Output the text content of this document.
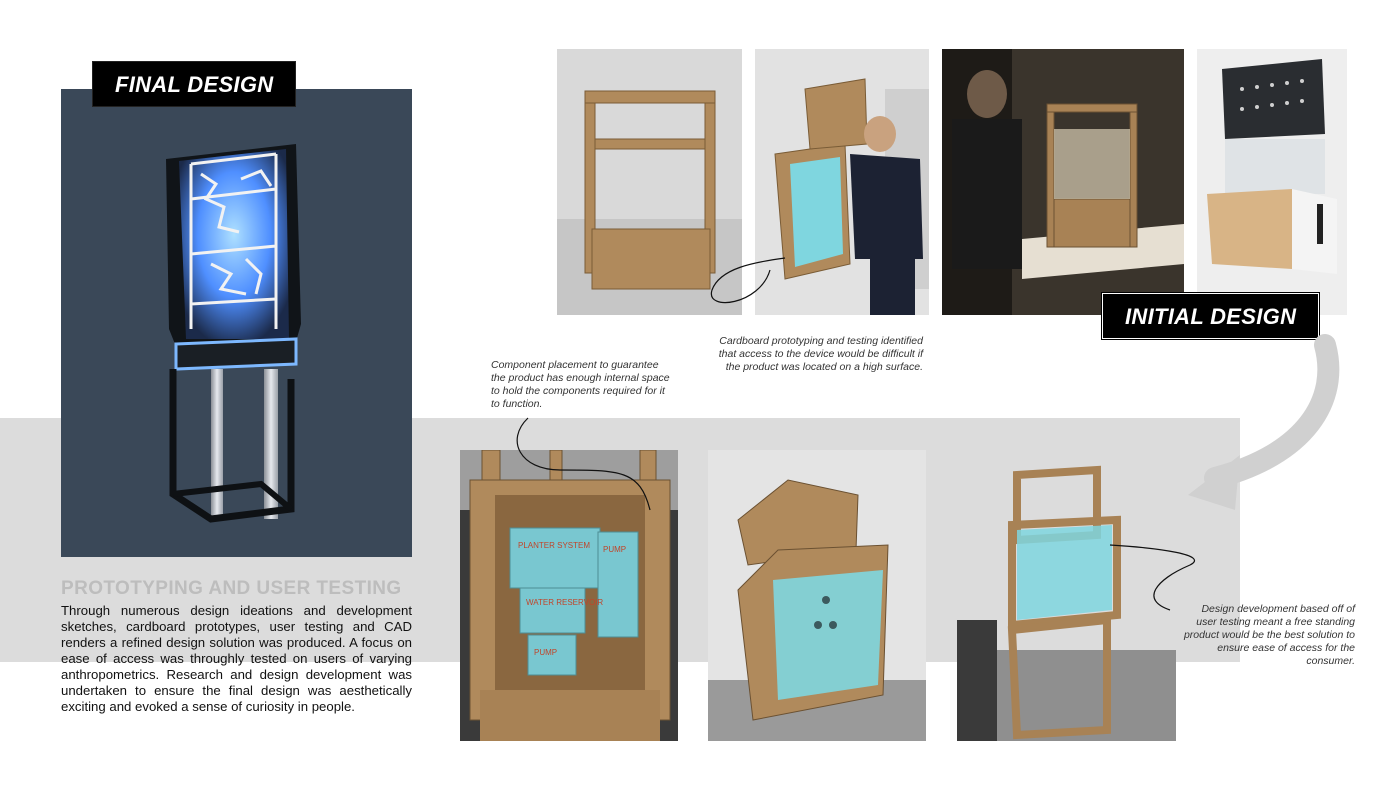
FINAL DESIGN
PROTOTYPING AND USER TESTING
Through numerous design ideations and development sketches, cardboard prototypes, user testing and CAD renders a refined design solution was produced. A focus on ease of access was throughly tested on users of varying anthropometrics. Research and design development was undertaken to ensure the final design was aesthetically exciting and evoked a sense of curiosity in people.
INITIAL DESIGN
PLANTER SYSTEM
WATER RESERVOIR
PUMP
PUMP
Cardboard prototyping and testing identified that access to the device would be difficult if the product was located on a high surface.
Component placement to guarantee the product has enough internal space to hold the components required for it to function.
Design development based off of user testing meant a free standing product would be the best solution to ensure ease of access for the consumer.
